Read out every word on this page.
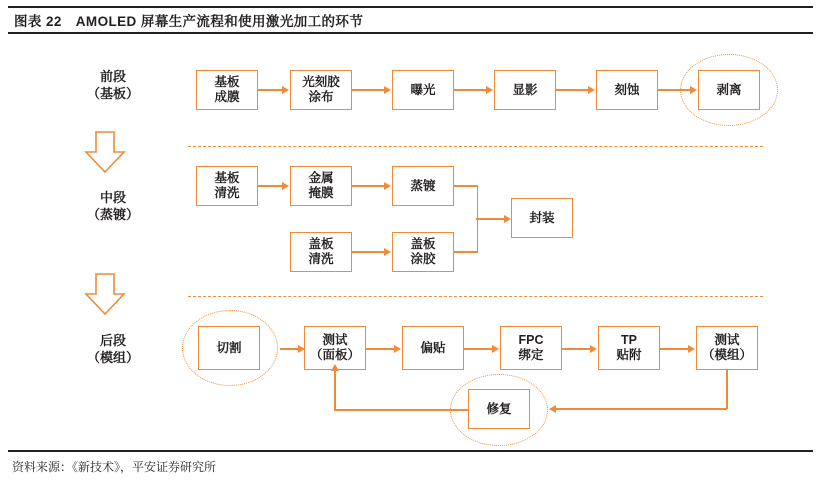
图表 22 AMOLED 屏幕生产流程和使用激光加工的环节
前段
（基板）
中段
（蒸镀）
后段
（模组）
基板
成膜
光刻胶
涂布
曝光	显影	刻蚀	剥离
基板
清洗
金属
掩膜
蒸镀
盖板
清洗
盖板
涂胶
封装
切割
测试
（面板）
偏贴
FPC
绑定
TP
贴附
测试
（模组）
修复
资料来源：《新技术》，平安证券研究所
